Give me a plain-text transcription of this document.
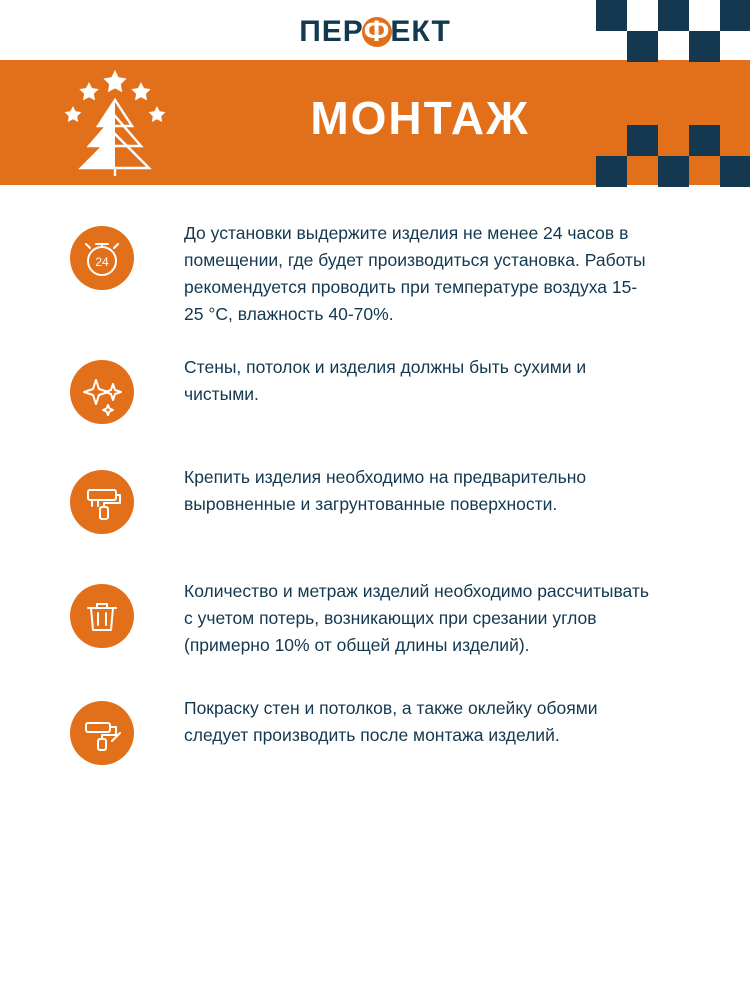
ПЕРФЕКТ
МОНТАЖ
24
До установки выдержите изделия не менее 24 часов в помещении, где будет производиться установка. Работы рекомендуется проводить при температуре воздуха 15-25 °C, влажность 40-70%.
Стены, потолок и изделия должны быть сухими и чистыми.
Крепить изделия необходимо на предварительно выровненные и загрунтованные поверхности.
Количество и метраж изделий необходимо рассчитывать с учетом потерь, возникающих при срезании углов (примерно 10% от общей длины изделий).
Покраску стен и потолков, а также оклейку обоями следует производить после монтажа изделий.
